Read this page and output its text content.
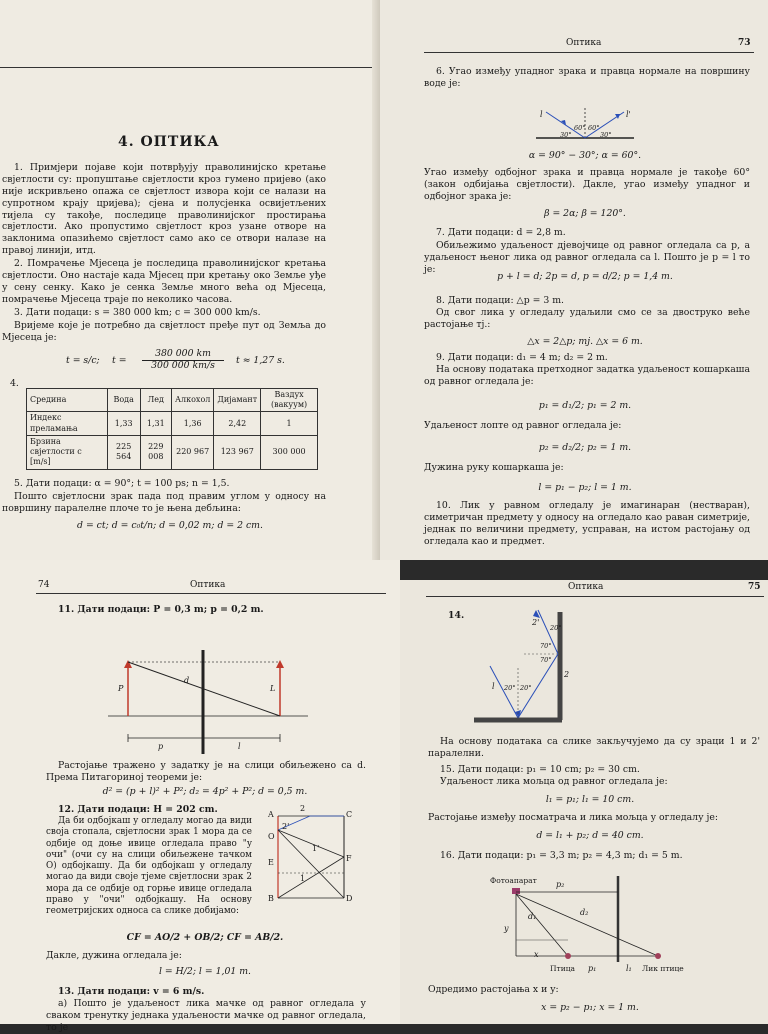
4. ОПТИКА
1. Примјери појаве који потврђују праволинијско кретање свјетлости су: пропуштање свјетлости кроз гумено пријево (ако није искривљено опажа се свјетлост извора који се налази на супротном крају цријева); сјена и полусјенка освијетљених тијела су такође, последице праволинијског простирања свјетлости. Ако пропустимо свјетлост кроз узане отворе на заклонима опазићемо свјетлост само ако се отвори налазе на правој линији, итд.
2. Помрачење Мјесеца је последица праволинијског кретања свјетлости. Оно настаје када Мјесец при кретању око Земље уђе у сену сенку. Како је сенка Земље много већа од Мјесеца, помрачење Мјесеца траје по неколико часова.
3. Дати подаци: s = 380 000 km; c = 300 000 km/s.
Вријеме које је потребно да свјетлост пређе пут од Земља до Мјесеца је:
t = s/c; t =
380 000 km
300 000 km/s	t ≈ 1,27 s.
4.
Средина	Вода	Лед	Алкохол	Дијамант	Ваздух (вакуум)
Индекс преламања	1,33	1,31	1,36	2,42	1
Брзина свјетлости c [m/s]	225 564	229 008	220 967	123 967	300 000
5. Дати подаци: α = 90°; t = 100 ps; n = 1,5.
Пошто свјетлосни зрак пада под правим углом у односу на површину паралелне плоче то је њена дебљина:
d = ct; d = c₀t/n; d = 0,02 m; d = 2 cm.
Оптика	73
6. Угао између упадног зрака и правца нормале на површину воде је:
l	l'
30°
60° 60°
30°
α = 90° − 30°; α = 60°.
Угао између одбојног зрака и правца нормале је такође 60° (закон одбијања свјетлости). Дакле, угао између упадног и одбојног зрака је:
β = 2α; β = 120°.
7. Дати подаци: d = 2,8 m.
Обиљежимо удаљеност дјевојчице од равног огледала са p, а удаљеност њеног лика од равног огледала са l. Пошто је p = l то је:
p + l = d; 2p = d, p = d/2; p = 1,4 m.
8. Дати подаци: △p = 3 m.
Од свог лика у огледалу удаљили смо се за двоструко веће растојање тј.:
△x = 2△p; тј. △x = 6 m.
9. Дати подаци: d₁ = 4 m; d₂ = 2 m.
На основу података претходног задатка удаљеност кошаркаша од равног огледала је:
p₁ = d₁/2; p₁ = 2 m.
Удаљеност лопте од равног огледала је:
p₂ = d₂/2; p₂ = 1 m.
Дужина руку кошаркаша је:
l = p₁ − p₂; l = 1 m.
10. Лик у равном огледалу је имагинаран (нестваран), симетричан предмету у односу на огледало као раван симетрије, једнак по величини предмету, усправан, на истом растојању од огледала као и предмет.
74	Оптика
11. Дати подаци: P = 0,3 m; p = 0,2 m.
P	L
d
p	l
Растојање тражено у задатку је на слици обиљежено са d. Према Питагориној теореми је:
d² = (p + l)² + P²; d₂ = 4p² + P²; d = 0,5 m.
12. Дати подаци: H = 202 cm.
Да би одбојкаш у огледалу могао да види своја стопала, свјетлосни зрак 1 мора да се одбије од доње ивице огледала право "у очи" (очи су на слици обиљежене тачком O) одбојкашу. Да би одбојкаш у огледалу могао да види своје тјеме свјетлосни зрак 2 мора да се одбије од горње ивице огледала право у "очи" одбојкашу. На основу геометријских односа са слике добијамо:
A	C
O
E	F
B	D
2
2'
1'
1
CF = AO/2 + OB/2; CF = AB/2.
Дакле, дужина огледала је:
l = H/2; l = 1,01 m.
13. Дати подаци: v = 6 m/s.
а) Пошто је удаљеност лика мачке од равног огледала у сваком тренутку једнака удаљености мачке од равног огледала, то је
Оптика	75
14.
2'
20°
70°
70°
l 20° 20°
2
На основу података са слике закључујемо да су зраци 1 и 2' паралелни.
15. Дати подаци: p₁ = 10 cm; p₂ = 30 cm.
Удаљеност лика мољца од равног огледала је:
l₁ = p₁; l₁ = 10 cm.
Растојање између посматрача и лика мољца у огледалу је:
d = l₁ + p₂; d = 40 cm.
16. Дати подаци: p₁ = 3,3 m; p₂ = 4,3 m; d₁ = 5 m.
Фотоапарат p₂
d₁	d₂
y
x
Птица p₁	l₁ Лик птице
Одредимо растојања x и y:
x = p₂ − p₁; x = 1 m.
